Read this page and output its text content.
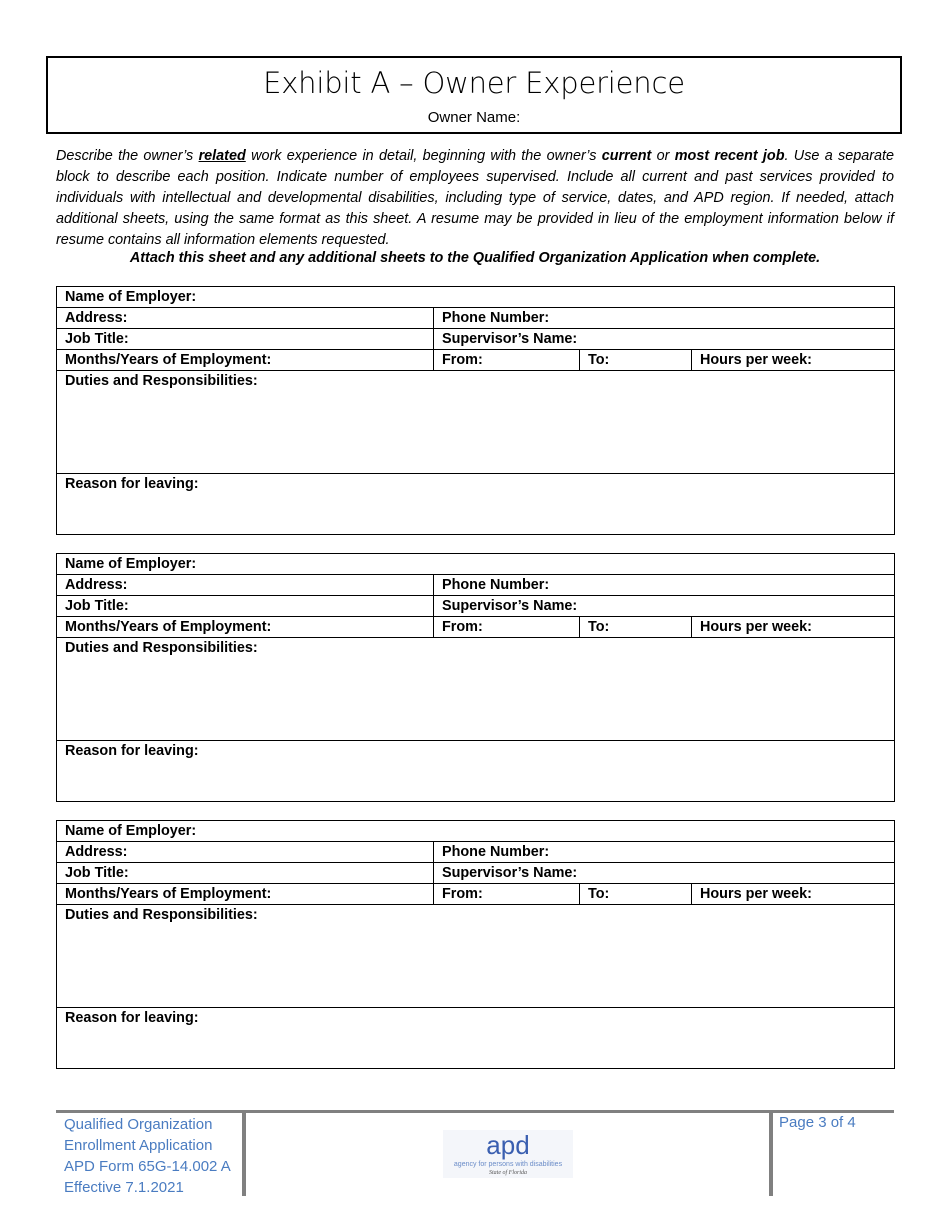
Exhibit A – Owner Experience
Owner Name:
Describe the owner’s related work experience in detail, beginning with the owner’s current or most recent job. Use a separate block to describe each position. Indicate number of employees supervised. Include all current and past services provided to individuals with intellectual and developmental disabilities, including type of service, dates, and APD region. If needed, attach additional sheets, using the same format as this sheet. A resume may be provided in lieu of the employment information below if resume contains all information elements requested.
Attach this sheet and any additional sheets to the Qualified Organization Application when complete.
Name of Employer:			
Address:	Phone Number:		
Job Title:	Supervisor’s Name:		
Months/Years of Employment:	From:	To:	Hours per week:
Duties and Responsibilities:			
Reason for leaving:			
Name of Employer:			
Address:	Phone Number:		
Job Title:	Supervisor’s Name:		
Months/Years of Employment:	From:	To:	Hours per week:
Duties and Responsibilities:			
Reason for leaving:			
Name of Employer:			
Address:	Phone Number:		
Job Title:	Supervisor’s Name:		
Months/Years of Employment:	From:	To:	Hours per week:
Duties and Responsibilities:			
Reason for leaving:			
Qualified Organization
Enrollment Application
APD Form 65G-14.002 A
Effective 7.1.2021
Page 3 of 4
apd
agency for persons with disabilities
State of Florida
